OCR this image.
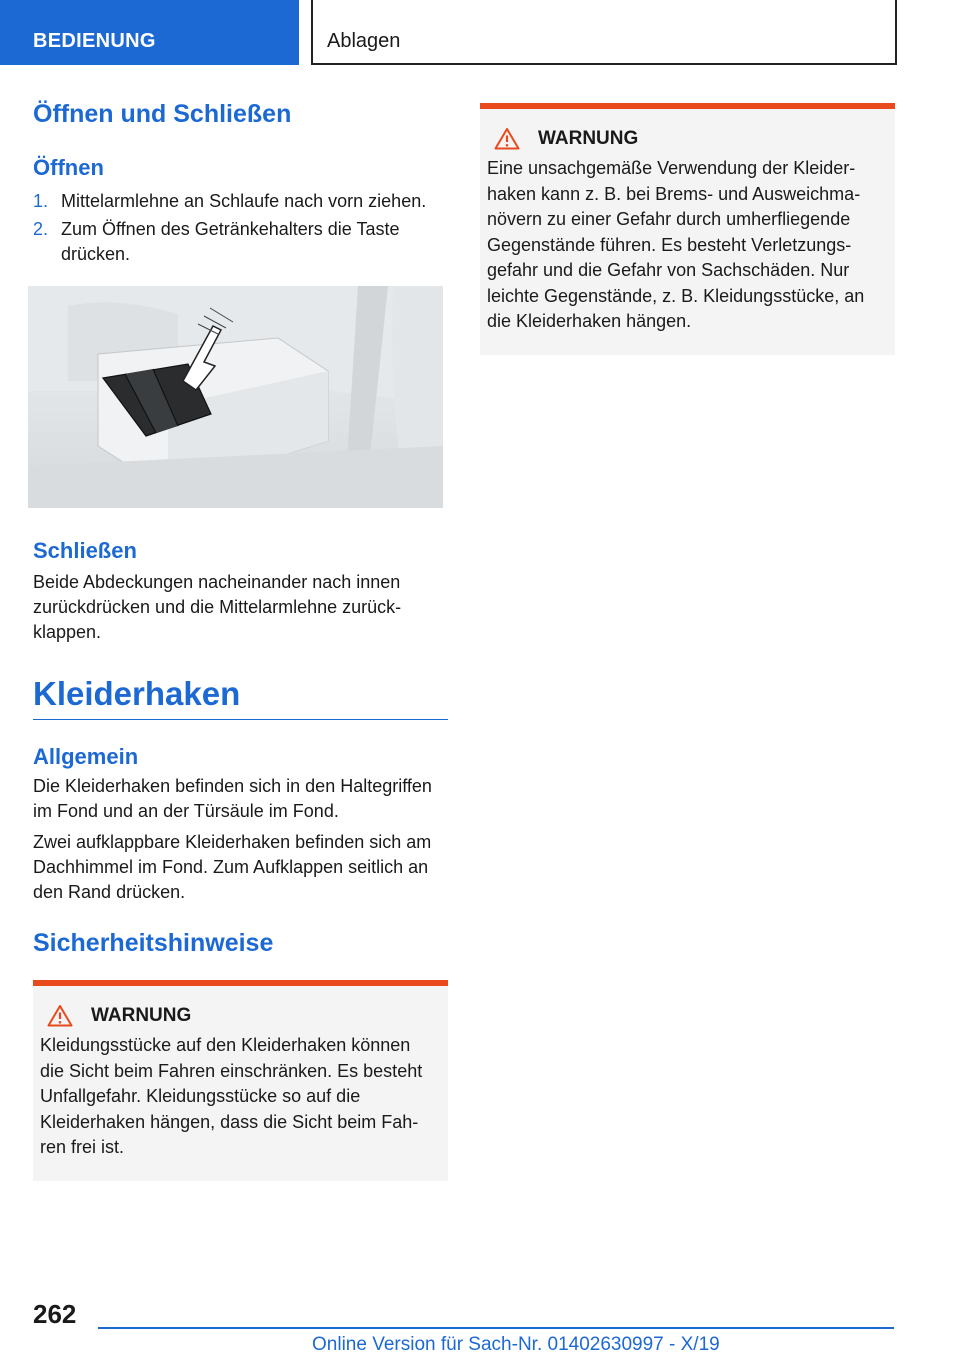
BEDIENUNG	Ablagen
Öffnen und Schließen
Öffnen
1. Mittelarmlehne an Schlaufe nach vorn ziehen.
2. Zum Öffnen des Getränkehalters die Taste drücken.
Schließen

Beide Abdeckungen nacheinander nach innen zurückdrücken und die Mittelarmlehne zurückklappen.

Kleiderhaken
Allgemein

Die Kleiderhaken befinden sich in den Haltegriffen im Fond und an der Türsäule im Fond.

Zwei aufklappbare Kleiderhaken befinden sich am Dachhimmel im Fond. Zum Aufklappen seitlich an den Rand drücken.

Sicherheitshinweise
WARNUNG

Kleidungsstücke auf den Kleiderhaken können die Sicht beim Fahren einschränken. Es besteht Unfallgefahr. Kleidungsstücke so auf die Kleiderhaken hängen, dass die Sicht beim Fahren frei ist.

WARNUNG

Eine unsachgemäße Verwendung der Kleiderhaken kann z. B. bei Brems- und Ausweichmanövern zu einer Gefahr durch umherfliegende Gegenstände führen. Es besteht Verletzungsgefahr und die Gefahr von Sachschäden. Nur leichte Gegenstände, z. B. Kleidungsstücke, an die Kleiderhaken hängen.

262
Online Version für Sach-Nr. 01402630997 - X/19
